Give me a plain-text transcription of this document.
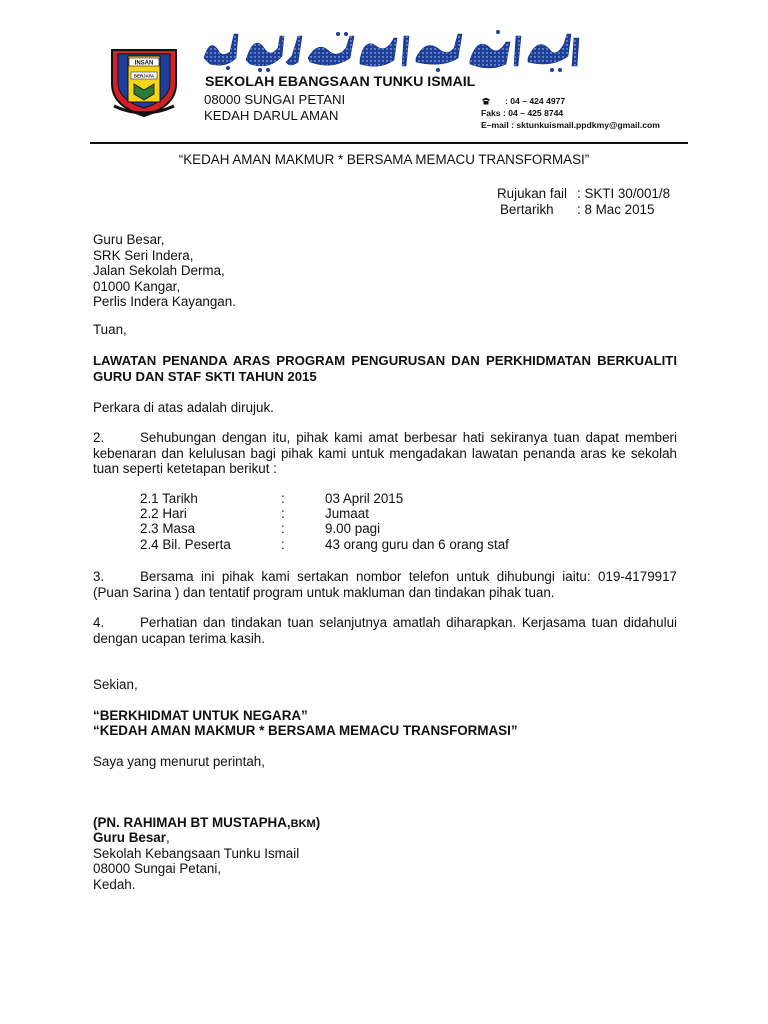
INSAN
BERJAYA	SEKOLAH EBANGSAAN TUNKU ISMAIL
08000 SUNGAI PETANI
KEDAH DARUL AMAN
: 04 – 424 4977
Faks : 04 – 425 8744
E–mail : sktunkuismail.ppdkmy@gmail.com
“KEDAH AMAN MAKMUR * BERSAMA MEMACU TRANSFORMASI”
Rujukan fail : SKTI 30/001/8
Bertarikh : 8 Mac 2015
Guru Besar,
SRK Seri Indera,
Jalan Sekolah Derma,
01000 Kangar,
Perlis Indera Kayangan.
Tuan,
LAWATAN PENANDA ARAS PROGRAM PENGURUSAN DAN PERKHIDMATAN BERKUALITI GURU DAN STAF SKTI TAHUN 2015
Perkara di atas adalah dirujuk.
2.	Sehubungan dengan itu, pihak kami amat berbesar hati sekiranya tuan dapat memberi kebenaran dan kelulusan bagi pihak kami untuk mengadakan lawatan penanda aras ke sekolah tuan seperti ketetapan berikut :
2.1 Tarikh	:	03 April 2015
2.2 Hari	:	Jumaat
2.3 Masa	:	9.00 pagi
2.4 Bil. Peserta	:	43 orang guru dan 6 orang staf
3.	Bersama ini pihak kami sertakan nombor telefon untuk dihubungi iaitu: 019-4179917 (Puan Sarina ) dan tentatif program untuk makluman dan tindakan pihak tuan.
4.	Perhatian dan tindakan tuan selanjutnya amatlah diharapkan. Kerjasama tuan didahului dengan ucapan terima kasih.
Sekian,
“BERKHIDMAT UNTUK NEGARA”
“KEDAH AMAN MAKMUR * BERSAMA MEMACU TRANSFORMASI”
Saya yang menurut perintah,
(PN. RAHIMAH BT MUSTAPHA,BKM)
Guru Besar,
Sekolah Kebangsaan Tunku Ismail
08000 Sungai Petani,
Kedah.
